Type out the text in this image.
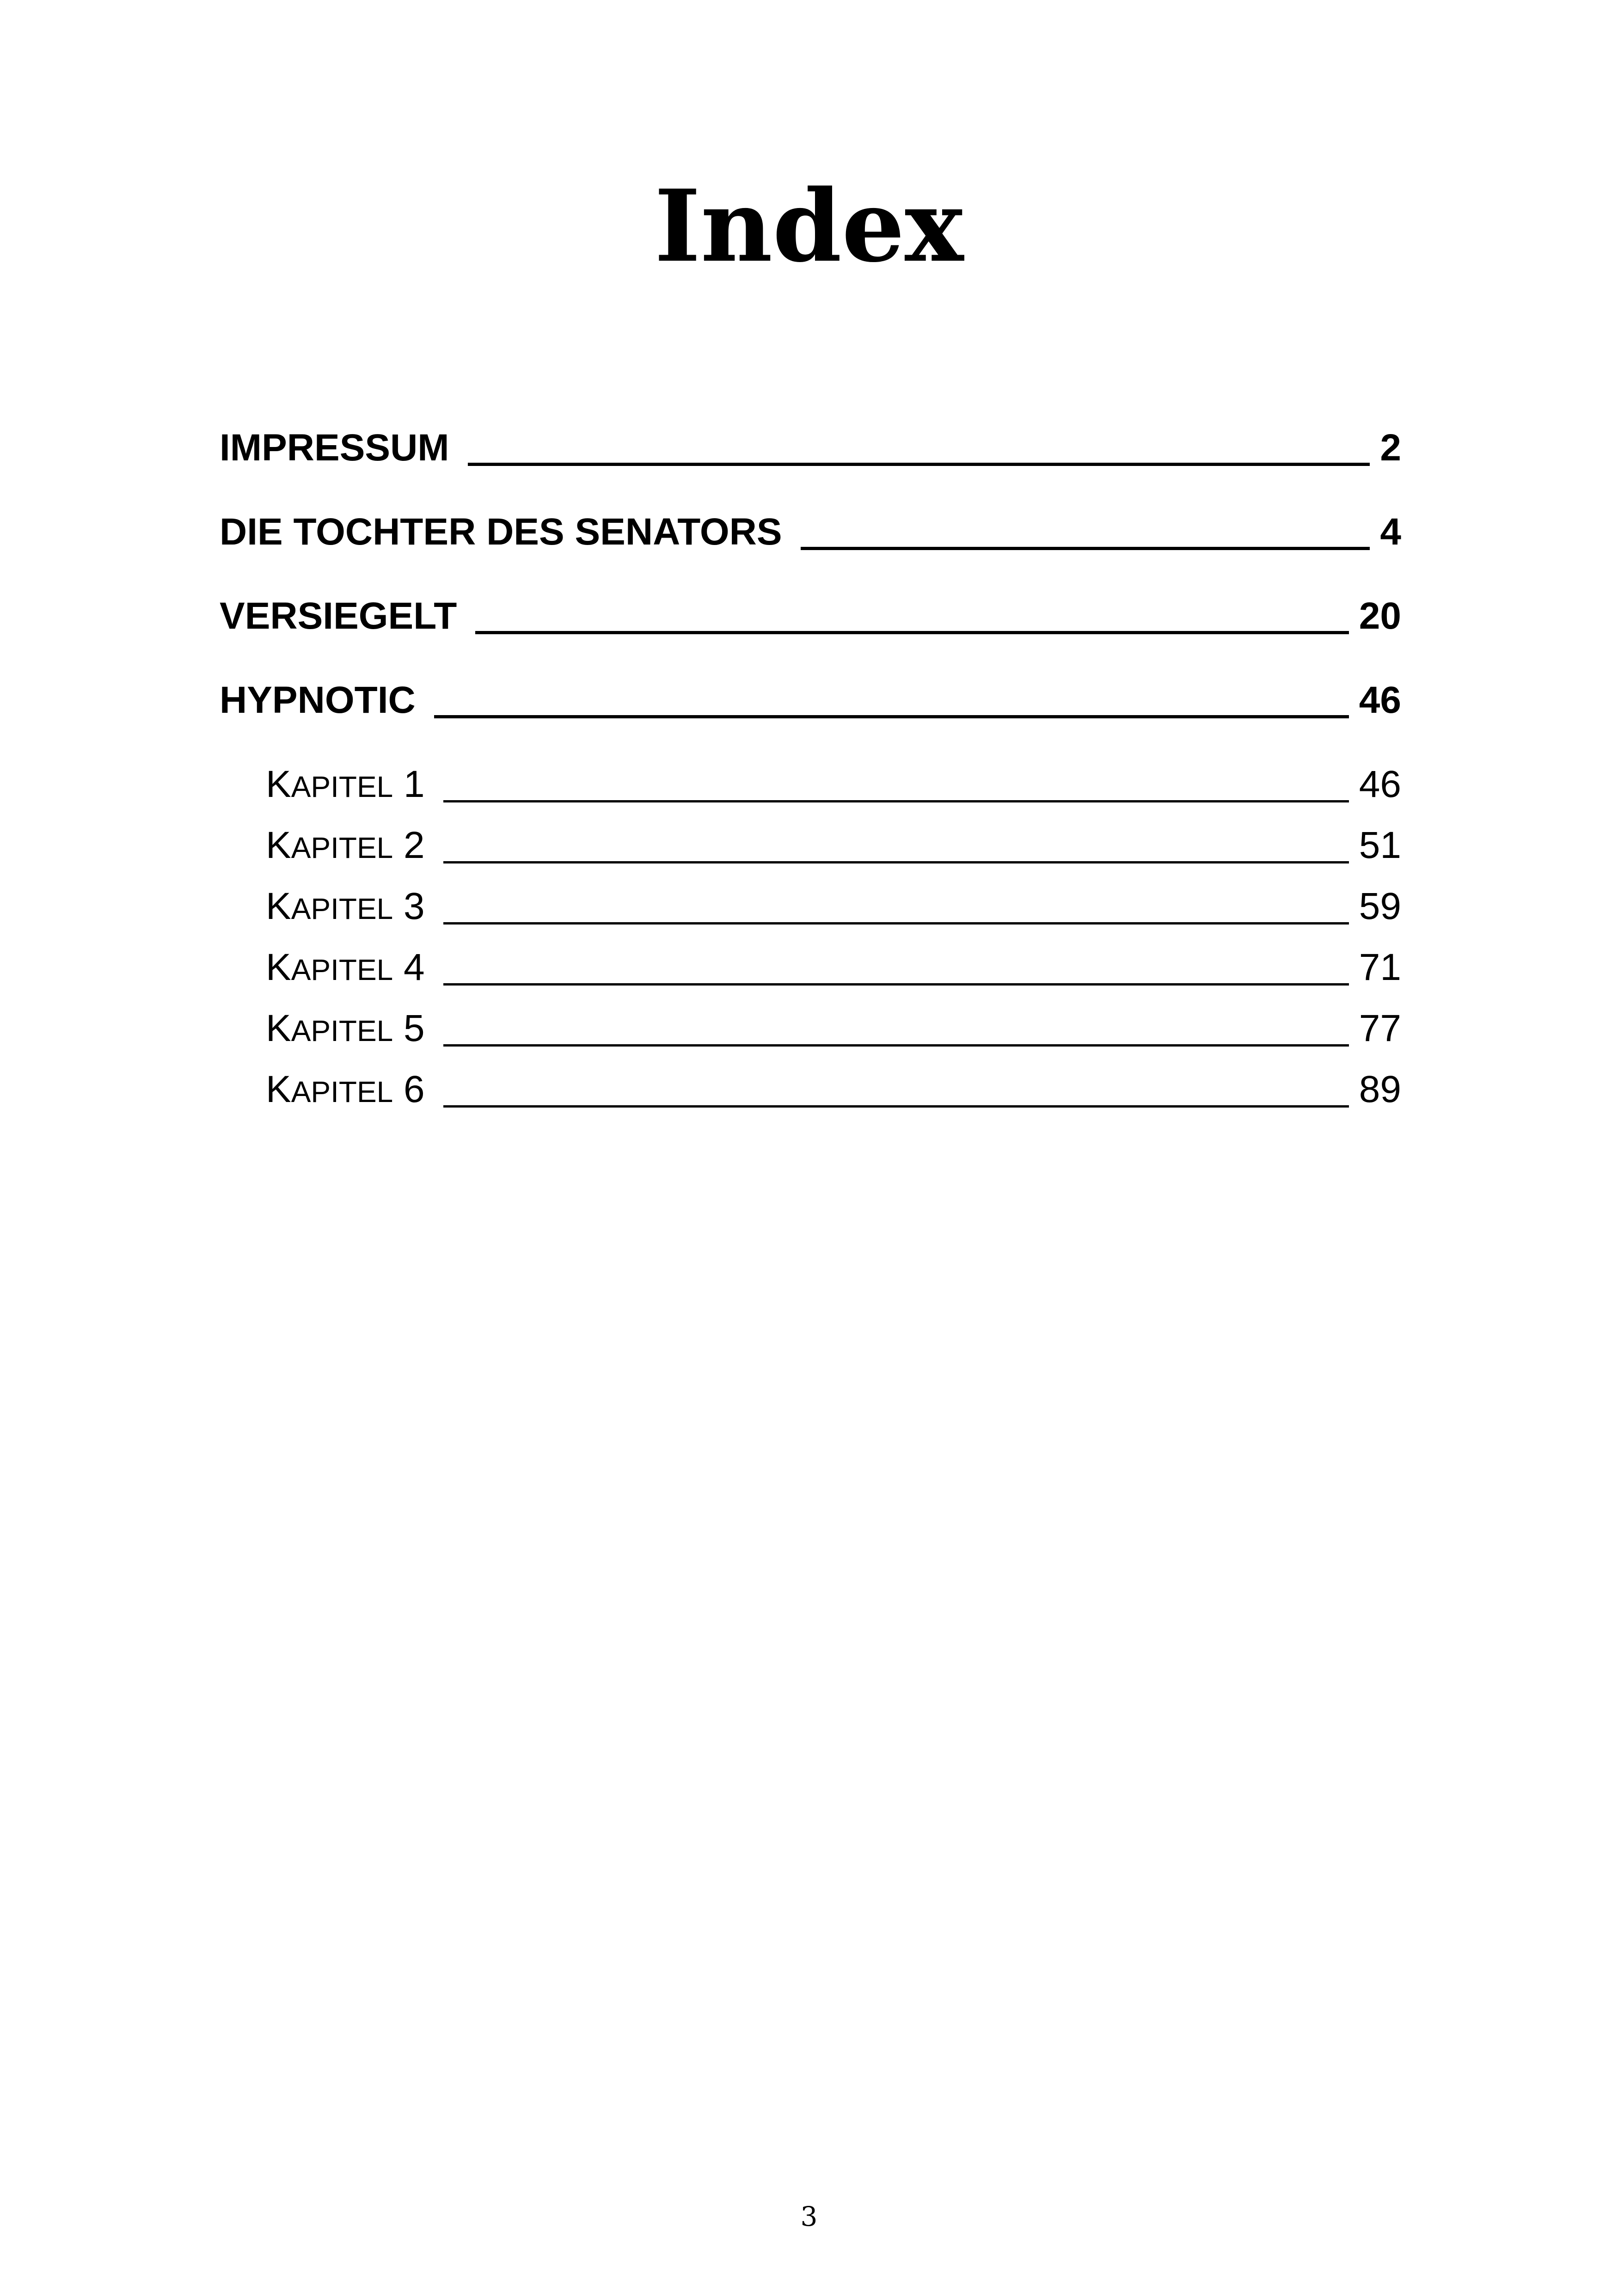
Index
IMPRESSUM	2
DIE TOCHTER DES SENATORS	4
VERSIEGELT	20
HYPNOTIC	46
KAPITEL 1	46
KAPITEL 2	51
KAPITEL 3	59
KAPITEL 4	71
KAPITEL 5	77
KAPITEL 6	89
3
